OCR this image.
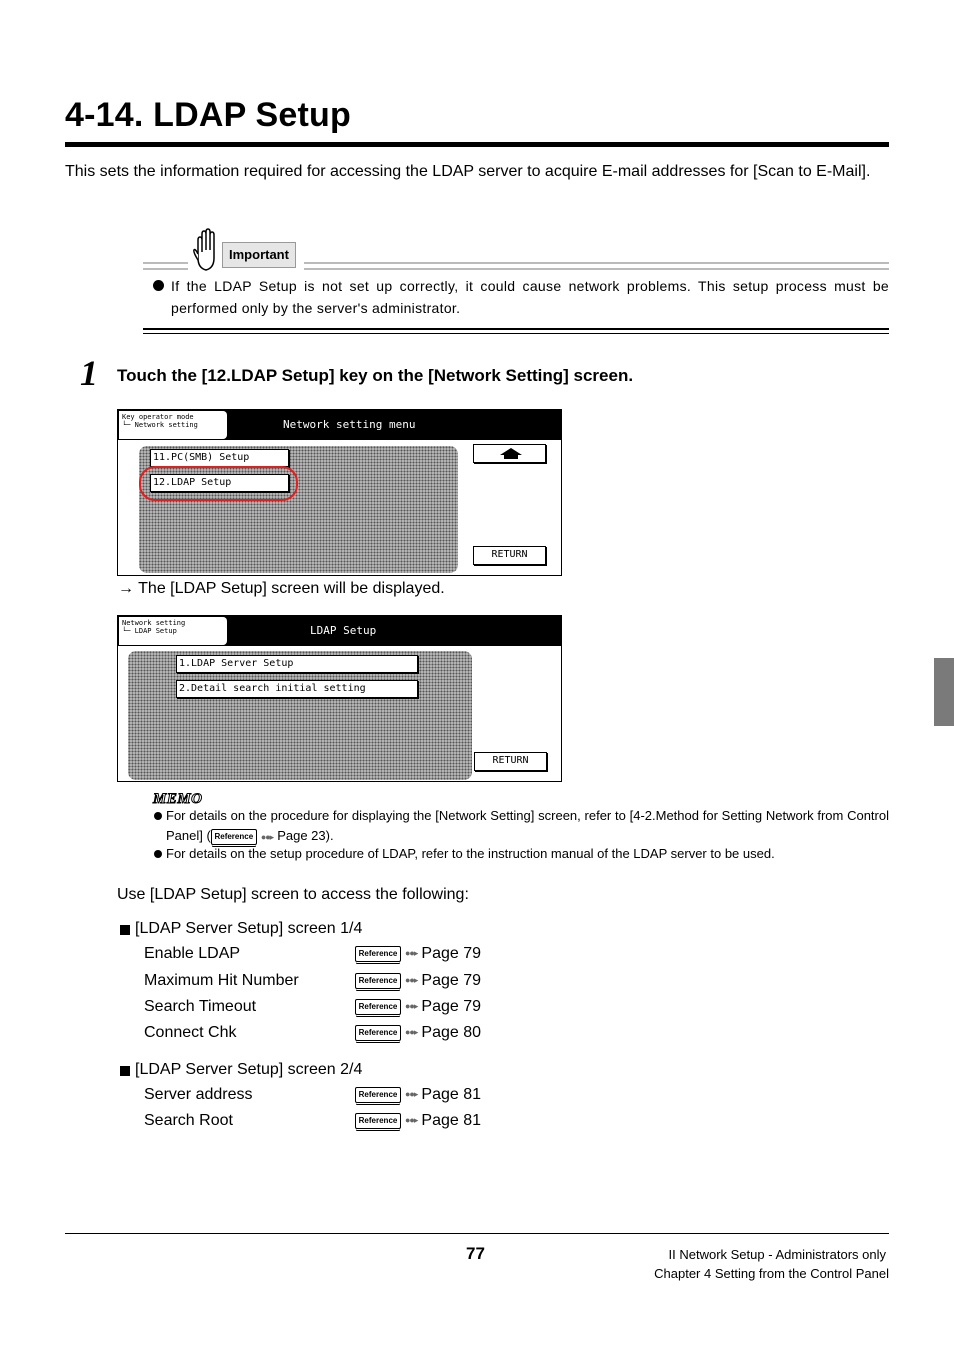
4-14. LDAP Setup
This sets the information required for accessing the LDAP server to acquire E-mail addresses for [Scan to E-Mail].
Important
If the LDAP Setup is not set up correctly, it could cause network problems. This setup process must be performed only by the server's administrator.
1 Touch the [12.LDAP Setup] key on the [Network Setting] screen.
Key operator mode
└─ Network setting	Network setting menu
11.PC(SMB) Setup
12.LDAP Setup
RETURN
→ The [LDAP Setup] screen will be displayed.
Network setting
└─ LDAP Setup	LDAP Setup
1.LDAP Server Setup
2.Detail search initial setting
RETURN
MEMO
For details on the procedure for displaying the [Network Setting] screen, refer to [4-2.Method for Setting Network from Control Panel] ( Reference ●●▸ Page 23).
For details on the setup procedure of LDAP, refer to the instruction manual of the LDAP server to be used.
Use [LDAP Setup] screen to access the following:
[LDAP Server Setup] screen 1/4
Enable LDAP	Reference ●●▸ Page 79
Maximum Hit Number	Reference ●●▸ Page 79
Search Timeout	Reference ●●▸ Page 79
Connect Chk	Reference ●●▸ Page 80
[LDAP Server Setup] screen 2/4
Server address	Reference ●●▸ Page 81
Search Root	Reference ●●▸ Page 81
77	II Network Setup - Administrators only
Chapter 4 Setting from the Control Panel
